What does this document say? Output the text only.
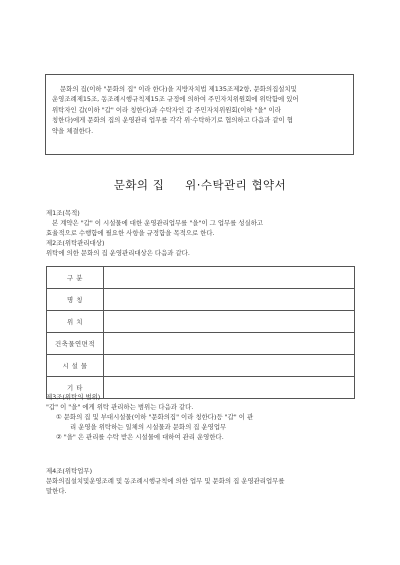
문화의 집(이하 "문화의 집" 이라 한다)을 지방자치법 제135조제2항, 문화의집설치및

운영조례제15조, 동조례시행규칙제15조 규정에 의하여 주민자치위원회에 위탁함에 있어

위탁자인 갑(이하 "갑" 이라 칭한다)과 수탁자인 갑 주민자치위원회(이하 "을" 이라

칭한다)에게 문화의 집의 운영관리 업무를 각각 위·수탁하기로 협의하고 다음과 같이 협

약을 체결한다.

문화의 집     위·수탁관리 협약서
제1조(목적)
본 계약은 "갑" 이 시설물에 대한 운영관리업무를 "을"이 그 업무를 성실하고
효율적으로 수행함에 필요한 사항을 규정함을 목적으로 한다.
제2조(위탁관리대상)
위탁에 의한 문화의 집 운영관리대상은 다음과 같다.
구 분	
명 칭	
위 치	
건축물연면적	
시 설 물	
기 타	
제3조(위탁의 범위)
"갑" 이 "을" 에게 위탁 관리하는 범위는 다음과 같다.
① 문화의 집 및 부대시설물(이하 "문화의집" 이라 칭한다)등 "갑" 이 관
리 운영을 위탁하는 일체의 시설물과 문화의 집 운영업무
② "을" 은 관리를 수탁 받은 시설물에 대하여 관리 운영한다.
제4조(위탁업무)
문화의집설치및운영조례 및 동조례시행규칙에 의한 업무 및 문화의 집 운영관리업무를
말한다.
